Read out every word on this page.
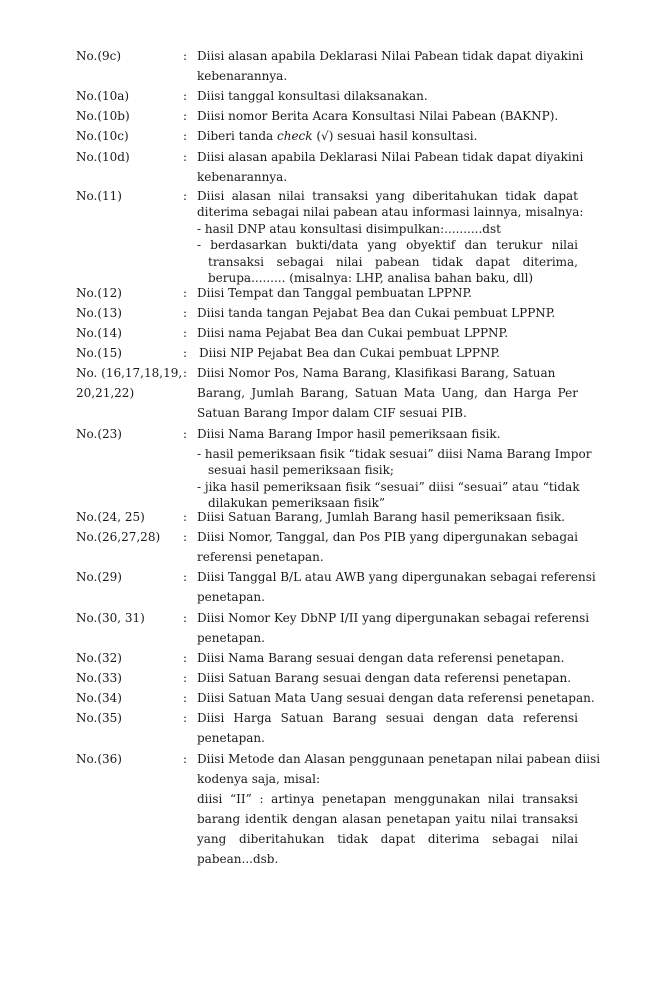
No.(9c)	: Diisi alasan apabila Deklarasi Nilai Pabean tidak dapat diyakini
kebenarannya.
No.(10a)	: Diisi tanggal konsultasi dilaksanakan.
No.(10b)	: Diisi nomor Berita Acara Konsultasi Nilai Pabean (BAKNP).
No.(10c)	: Diberi tanda check (√) sesuai hasil konsultasi.
No.(10d)	: Diisi alasan apabila Deklarasi Nilai Pabean tidak dapat diyakini
kebenarannya.
No.(11)	: Diisi alasan nilai transaksi yang diberitahukan tidak dapat
diterima sebagai nilai pabean atau informasi lainnya, misalnya:
- hasil DNP atau konsultasi disimpulkan:..........dst
- berdasarkan bukti/data yang obyektif dan terukur nilai
transaksi sebagai nilai pabean tidak dapat diterima,
berupa......... (misalnya: LHP, analisa bahan baku, dll)
No.(12)	: Diisi Tempat dan Tanggal pembuatan LPPNP.
No.(13)	: Diisi tanda tangan Pejabat Bea dan Cukai pembuat LPPNP.
No.(14)	: Diisi nama Pejabat Bea dan Cukai pembuat LPPNP.
No.(15)	: Diisi NIP Pejabat Bea dan Cukai pembuat LPPNP.
No. (16,17,18,19,
20,21,22)
: Diisi Nomor Pos, Nama Barang, Klasifikasi Barang, Satuan
Barang, Jumlah Barang, Satuan Mata Uang, dan Harga Per
Satuan Barang Impor dalam CIF sesuai PIB.
No.(23)	: Diisi Nama Barang Impor hasil pemeriksaan fisik.
- hasil pemeriksaan fisik “tidak sesuai” diisi Nama Barang Impor
sesuai hasil pemeriksaan fisik;
- jika hasil pemeriksaan fisik “sesuai” diisi “sesuai” atau “tidak
dilakukan pemeriksaan fisik”
No.(24, 25)	: Diisi Satuan Barang, Jumlah Barang hasil pemeriksaan fisik.
No.(26,27,28) : Diisi Nomor, Tanggal, dan Pos PIB yang dipergunakan sebagai
referensi penetapan.
No.(29)	: Diisi Tanggal B/L atau AWB yang dipergunakan sebagai referensi
penetapan.
No.(30, 31)	: Diisi Nomor Key DbNP I/II yang dipergunakan sebagai referensi
penetapan.
No.(32)	: Diisi Nama Barang sesuai dengan data referensi penetapan.
No.(33)	: Diisi Satuan Barang sesuai dengan data referensi penetapan.
No.(34)	: Diisi Satuan Mata Uang sesuai dengan data referensi penetapan.
No.(35)	: Diisi Harga Satuan Barang sesuai dengan data referensi
penetapan.
No.(36)	: Diisi Metode dan Alasan penggunaan penetapan nilai pabean diisi
kodenya saja, misal:
diisi “II” : artinya penetapan menggunakan nilai transaksi
barang identik dengan alasan penetapan yaitu nilai transaksi
yang diberitahukan tidak dapat diterima sebagai nilai
pabean...dsb.
